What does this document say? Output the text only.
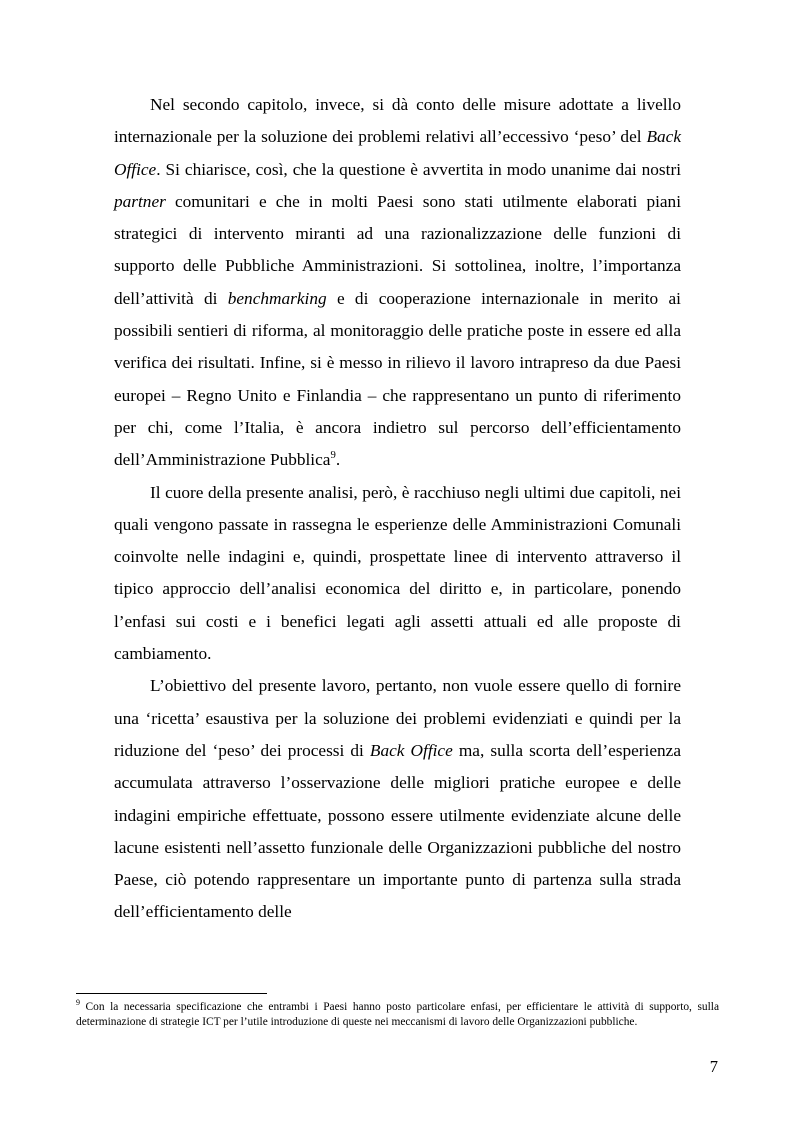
Nel secondo capitolo, invece, si dà conto delle misure adottate a livello internazionale per la soluzione dei problemi relativi all’eccessivo ‘peso’ del Back Office. Si chiarisce, così, che la questione è avvertita in modo unanime dai nostri partner comunitari e che in molti Paesi sono stati utilmente elaborati piani strategici di intervento miranti ad una razionalizzazione delle funzioni di supporto delle Pubbliche Amministrazioni. Si sottolinea, inoltre, l’importanza dell’attività di benchmarking e di cooperazione internazionale in merito ai possibili sentieri di riforma, al monitoraggio delle pratiche poste in essere ed alla verifica dei risultati. Infine, si è messo in rilievo il lavoro intrapreso da due Paesi europei – Regno Unito e Finlandia – che rappresentano un punto di riferimento per chi, come l’Italia, è ancora indietro sul percorso dell’efficientamento dell’Amministrazione Pubblica$^9$.

Il cuore della presente analisi, però, è racchiuso negli ultimi due capitoli, nei quali vengono passate in rassegna le esperienze delle Amministrazioni Comunali coinvolte nelle indagini e, quindi, prospettate linee di intervento attraverso il tipico approccio dell’analisi economica del diritto e, in particolare, ponendo l’enfasi sui costi e i benefici legati agli assetti attuali ed alle proposte di cambiamento.

L’obiettivo del presente lavoro, pertanto, non vuole essere quello di fornire una ‘ricetta’ esaustiva per la soluzione dei problemi evidenziati e quindi per la riduzione del ‘peso’ dei processi di Back Office ma, sulla scorta dell’esperienza accumulata attraverso l’osservazione delle migliori pratiche europee e delle indagini empiriche effettuate, possono essere utilmente evidenziate alcune delle lacune esistenti nell’assetto funzionale delle Organizzazioni pubbliche del nostro Paese, ciò potendo rappresentare un importante punto di partenza sulla strada dell’efficientamento delle

$^9$ Con la necessaria specificazione che entrambi i Paesi hanno posto particolare enfasi, per efficientare le attività di supporto, sulla determinazione di strategie ICT per l’utile introduzione di queste nei meccanismi di lavoro delle Organizzazioni pubbliche.

7
